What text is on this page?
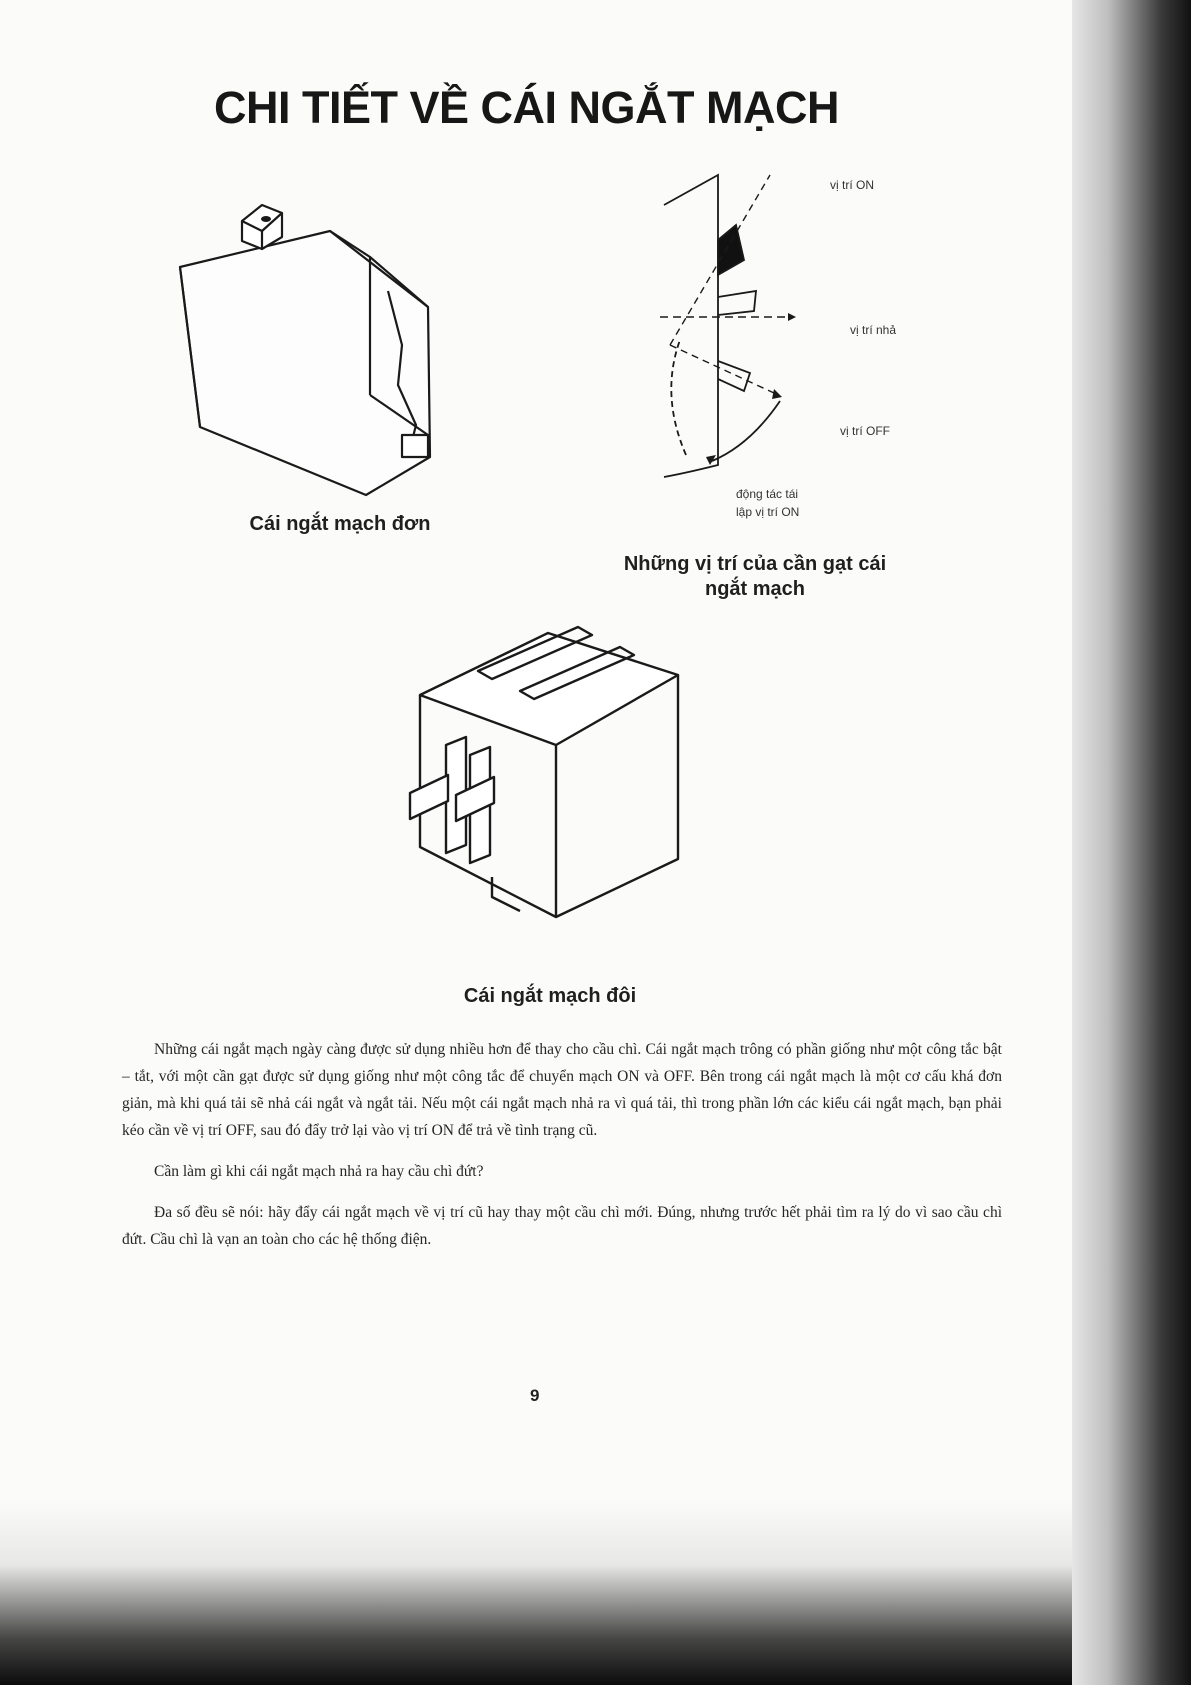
CHI TIẾT VỀ CÁI NGẮT MẠCH

Cái ngắt mạch đơn

vị trí ON
vị trí nhả
vị trí OFF
động tác tái
lập vị trí ON

Những vị trí của cần gạt cái

ngắt mạch

Cái ngắt mạch đôi

Những cái ngắt mạch ngày càng được sử dụng nhiều hơn để thay cho cầu chì. Cái ngắt mạch trông có phần giống như một công tắc bật – tắt, với một cần gạt được sử dụng giống như một công tắc để chuyển mạch ON và OFF. Bên trong cái ngắt mạch là một cơ cấu khá đơn giản, mà khi quá tải sẽ nhả cái ngắt và ngắt tải. Nếu một cái ngắt mạch nhả ra vì quá tải, thì trong phần lớn các kiểu cái ngắt mạch, bạn phải kéo cần về vị trí OFF, sau đó đẩy trở lại vào vị trí ON để trả về tình trạng cũ.

Cần làm gì khi cái ngắt mạch nhả ra hay cầu chì đứt?

Đa số đều sẽ nói: hãy đẩy cái ngắt mạch về vị trí cũ hay thay một cầu chì mới. Đúng, nhưng trước hết phải tìm ra lý do vì sao cầu chì đứt. Cầu chì là vạn an toàn cho các hệ thống điện.

9
